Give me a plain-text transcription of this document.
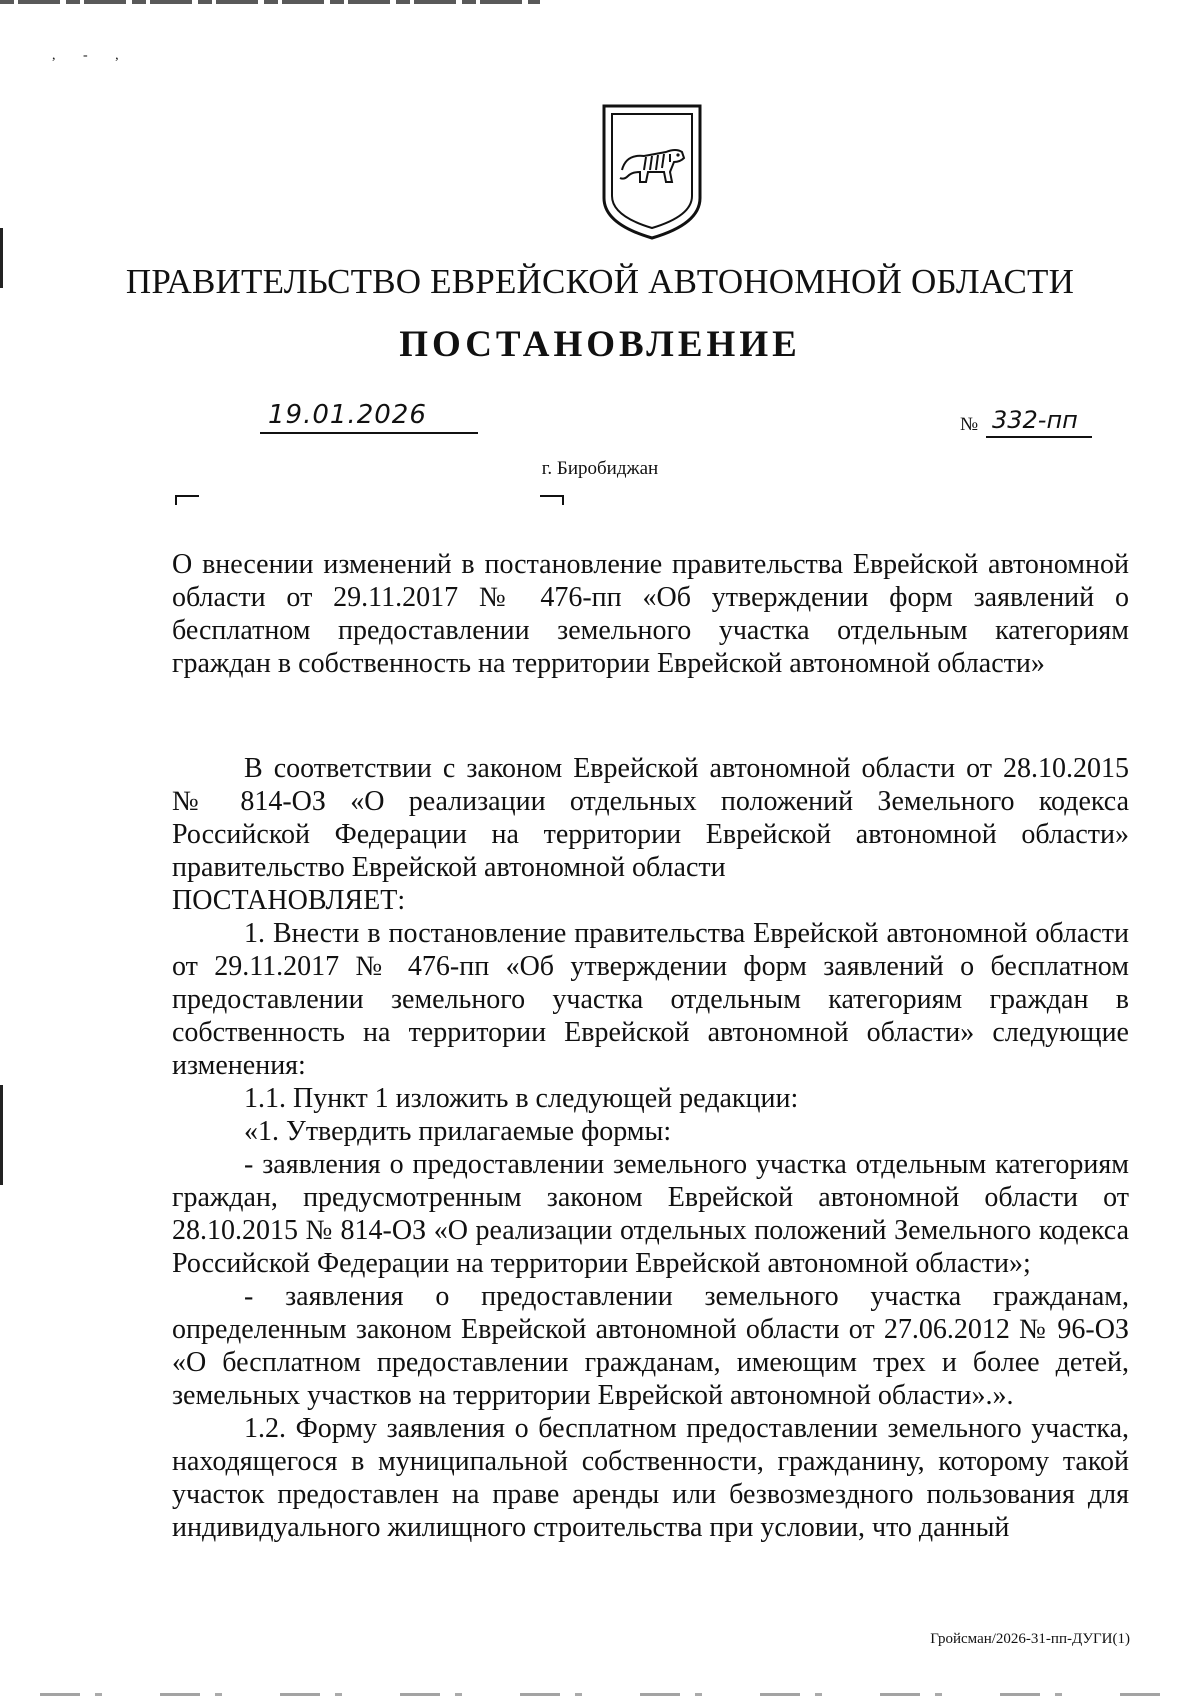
, - ,
ПРАВИТЕЛЬСТВО ЕВРЕЙСКОЙ АВТОНОМНОЙ ОБЛАСТИ
ПОСТАНОВЛЕНИЕ
19.01.2026	№ 332-пп
г. Биробиджан
О внесении изменений в постановление правительства Еврейской автономной области от 29.11.2017 № 476-пп «Об утверждении форм заявлений о бесплатном предоставлении земельного участка отдельным категориям граждан в собственность на территории Еврейской автономной области»

В соответствии с законом Еврейской автономной области от 28.10.2015 № 814-ОЗ «О реализации отдельных положений Земельного кодекса Российской Федерации на территории Еврейской автономной области» правительство Еврейской автономной области

ПОСТАНОВЛЯЕТ:

1. Внести в постановление правительства Еврейской автономной области от 29.11.2017 № 476-пп «Об утверждении форм заявлений о бесплатном предоставлении земельного участка отдельным категориям граждан в собственность на территории Еврейской автономной области» следующие изменения:

1.1. Пункт 1 изложить в следующей редакции:

«1. Утвердить прилагаемые формы:

- заявления о предоставлении земельного участка отдельным категориям граждан, предусмотренным законом Еврейской автономной области от 28.10.2015 № 814-ОЗ «О реализации отдельных положений Земельного кодекса Российской Федерации на территории Еврейской автономной области»;

- заявления о предоставлении земельного участка гражданам, определенным законом Еврейской автономной области от 27.06.2012 № 96-ОЗ «О бесплатном предоставлении гражданам, имеющим трех и более детей, земельных участков на территории Еврейской автономной области».».

1.2. Форму заявления о бесплатном предоставлении земельного участка, находящегося в муниципальной собственности, гражданину, которому такой участок предоставлен на праве аренды или безвозмездного пользования для индивидуального жилищного строительства при условии, что данный

Гройсман/2026-31-пп-ДУГИ(1)
